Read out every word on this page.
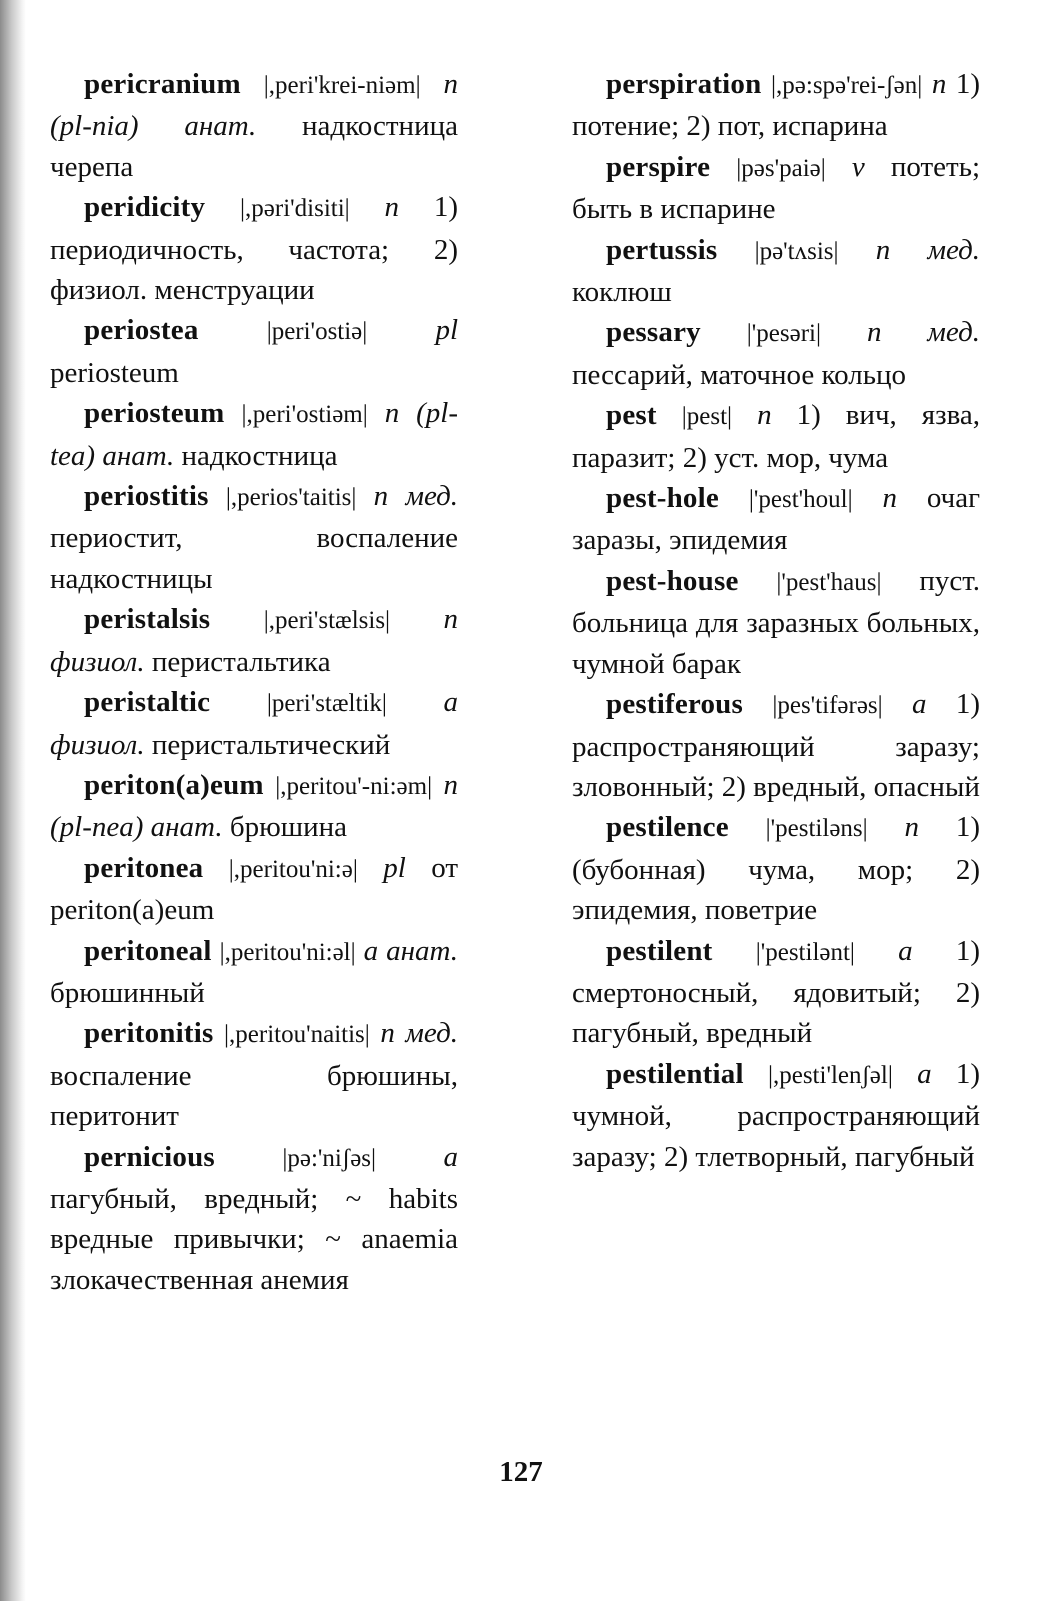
pericranium |,peri'krei-niəm| n (pl-nia) анат. надкостница черепа

peridicity |,pəri'disiti| n 1) периодичность, частота; 2) физиол. менструации

periostea	|peri'ostiə| pl periosteum

periosteum |,peri'ostiəm| n (pl-tea) анат. надкостница

periostitis |,perios'taitis| n мед. периостит, воспаление надкостницы

peristalsis |,peri'stælsis| n физиол. перистальтика

peristaltic |peri'stæltik| a физиол. перистальтический

periton(a)eum |,peritou'-ni:əm| n (pl-nea) анат. брюшина

peritonea |,peritou'ni:ə| pl от periton(a)eum

peritoneal |,peritou'ni:əl| a анат. брюшинный

peritonitis |,peritou'naitis| n мед. воспаление брюшины, перитонит

pernicious	|pə:'niʃəs| a пагубный, вредный; ~ habits вредные привычки; ~ anaemia злокачественная анемия

perspiration |,pə:spə'rei-ʃən| n 1) потение; 2) пот, испарина

perspire |pəs'paiə| v потеть; быть в испарине

pertussis |pə'tʌsis| n мед. коклюш

pessary |'pesəri| n мед. пессарий, маточное кольцо

pest |pest| n 1) вич, язва, паразит; 2) уст. мор, чума

pest-hole |'pest'houl| n очаг заразы, эпидемия

pest-house |'pest'haus| пуст. больница для заразных больных, чумной барак

pestiferous |pes'tifərəs| a 1) распространяющий заразу; зловонный; 2) вредный, опасный

pestilence |'pestiləns| n 1) (бубонная) чума, мор; 2) эпидемия, поветрие

pestilent |'pestilənt| a 1) смертоносный, ядовитый; 2) пагубный, вредный

pestilential |,pesti'lenʃəl| a 1) чумной, распространяющий заразу; 2) тлетворный, пагубный

127
